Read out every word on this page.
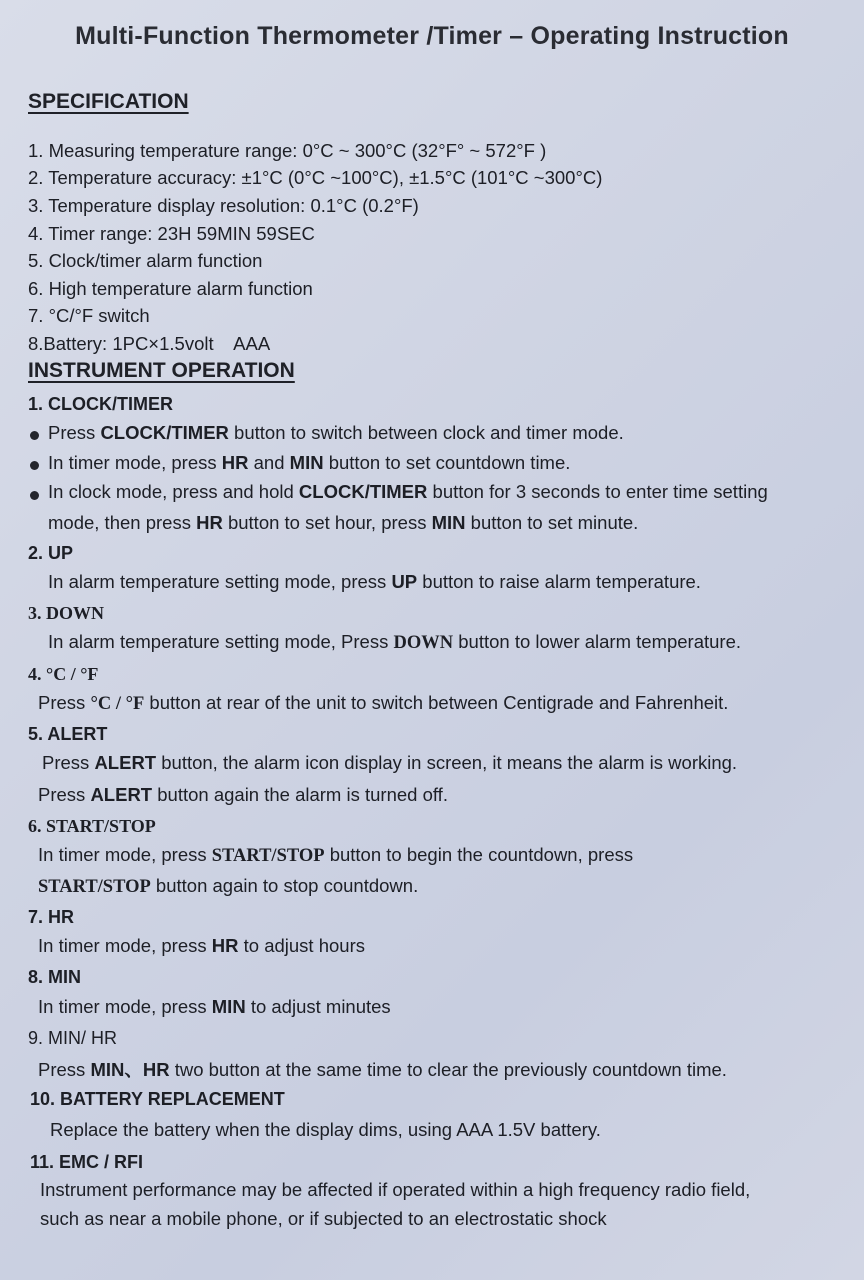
Multi-Function Thermometer /Timer – Operating Instruction
SPECIFICATION
1. Measuring temperature range: 0°C ~ 300°C (32°F° ~ 572°F )
2. Temperature accuracy: ±1°C (0°C ~100°C), ±1.5°C (101°C ~300°C)
3. Temperature display resolution: 0.1°C (0.2°F)
4. Timer range: 23H 59MIN 59SEC
5. Clock/timer alarm function
6. High temperature alarm function
7. °C/°F switch
8.Battery: 1PC×1.5volt    AAA
INSTRUMENT OPERATION
1. CLOCK/TIMER
Press CLOCK/TIMER button to switch between clock and timer mode.
In timer mode, press HR and MIN button to set countdown time.
In clock mode, press and hold CLOCK/TIMER button for 3 seconds to enter time setting
mode, then press HR button to set hour, press MIN button to set minute.
2. UP
In alarm temperature setting mode, press UP button to raise alarm temperature.
3. DOWN
In alarm temperature setting mode, Press DOWN button to lower alarm temperature.
4. °C / °F
Press °C / °F button at rear of the unit to switch between Centigrade and Fahrenheit.
5. ALERT
Press ALERT button, the alarm icon display in screen, it means the alarm is working.
Press ALERT button again the alarm is turned off.
6. START/STOP
In timer mode, press START/STOP button to begin the countdown, press
START/STOP button again to stop countdown.
7. HR
In timer mode, press HR to adjust hours
8. MIN
In timer mode, press MIN to adjust minutes
9. MIN/ HR
Press MIN、HR two button at the same time to clear the previously countdown time.
10. BATTERY REPLACEMENT
Replace the battery when the display dims, using AAA 1.5V battery.
11. EMC / RFI
Instrument performance may be affected if operated within a high frequency radio field,
such as near a mobile phone, or if subjected to an electrostatic shock
